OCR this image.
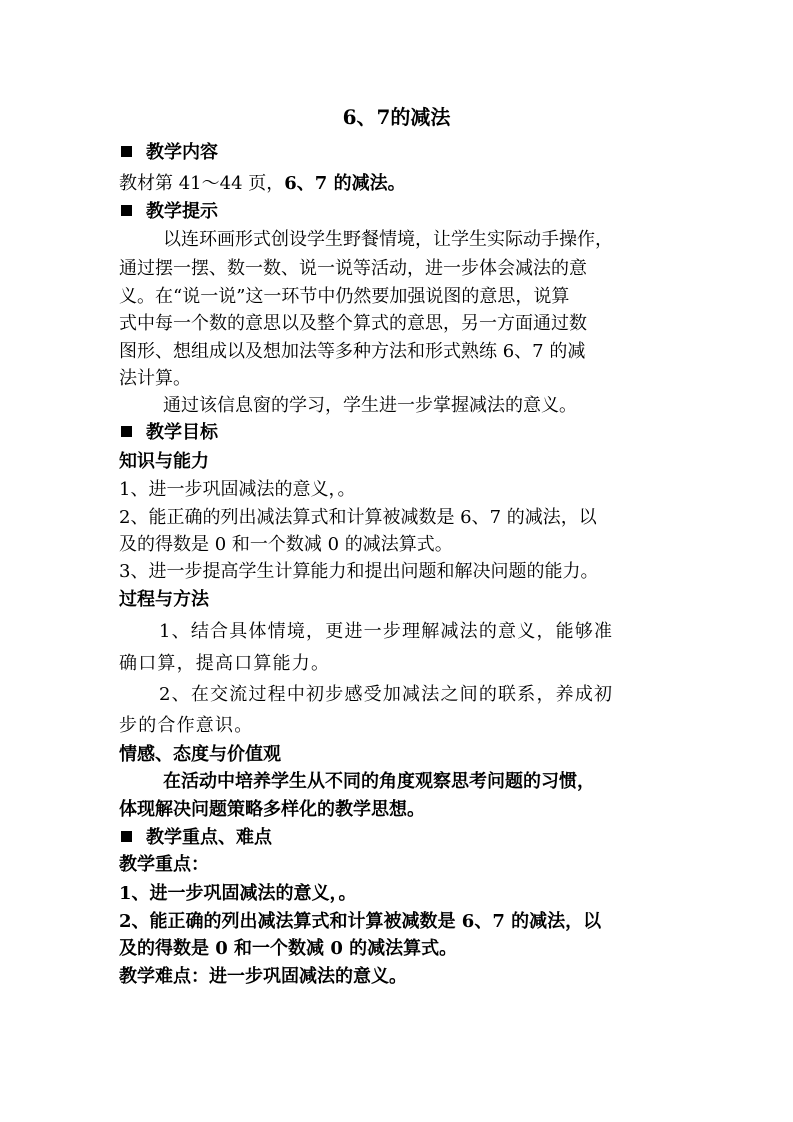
6、7的减法
教学内容
教材第 41～44 页，6、7 的减法。
教学提示
以连环画形式创设学生野餐情境，让学生实际动手操作，
通过摆一摆、数一数、说一说等活动，进一步体会减法的意
义。在“说一说”这一环节中仍然要加强说图的意思，说算
式中每一个数的意思以及整个算式的意思，另一方面通过数
图形、想组成以及想加法等多种方法和形式熟练 6、7 的减
法计算。
通过该信息窗的学习，学生进一步掌握减法的意义。
教学目标
知识与能力
1、进一步巩固减法的意义，。
2、能正确的列出减法算式和计算被减数是 6、7 的减法，以
及的得数是 0 和一个数减 0 的减法算式。
3、进一步提高学生计算能力和提出问题和解决问题的能力。
过程与方法
1、结合具体情境，更进一步理解减法的意义，能够准
确口算，提高口算能力。
2、在交流过程中初步感受加减法之间的联系，养成初
步的合作意识。
情感、态度与价值观
在活动中培养学生从不同的角度观察思考问题的习惯，
体现解决问题策略多样化的教学思想。
教学重点、难点
教学重点：
1、进一步巩固减法的意义，。
2、能正确的列出减法算式和计算被减数是 6、7 的减法，以
及的得数是 0 和一个数减 0 的减法算式。
教学难点：进一步巩固减法的意义。
